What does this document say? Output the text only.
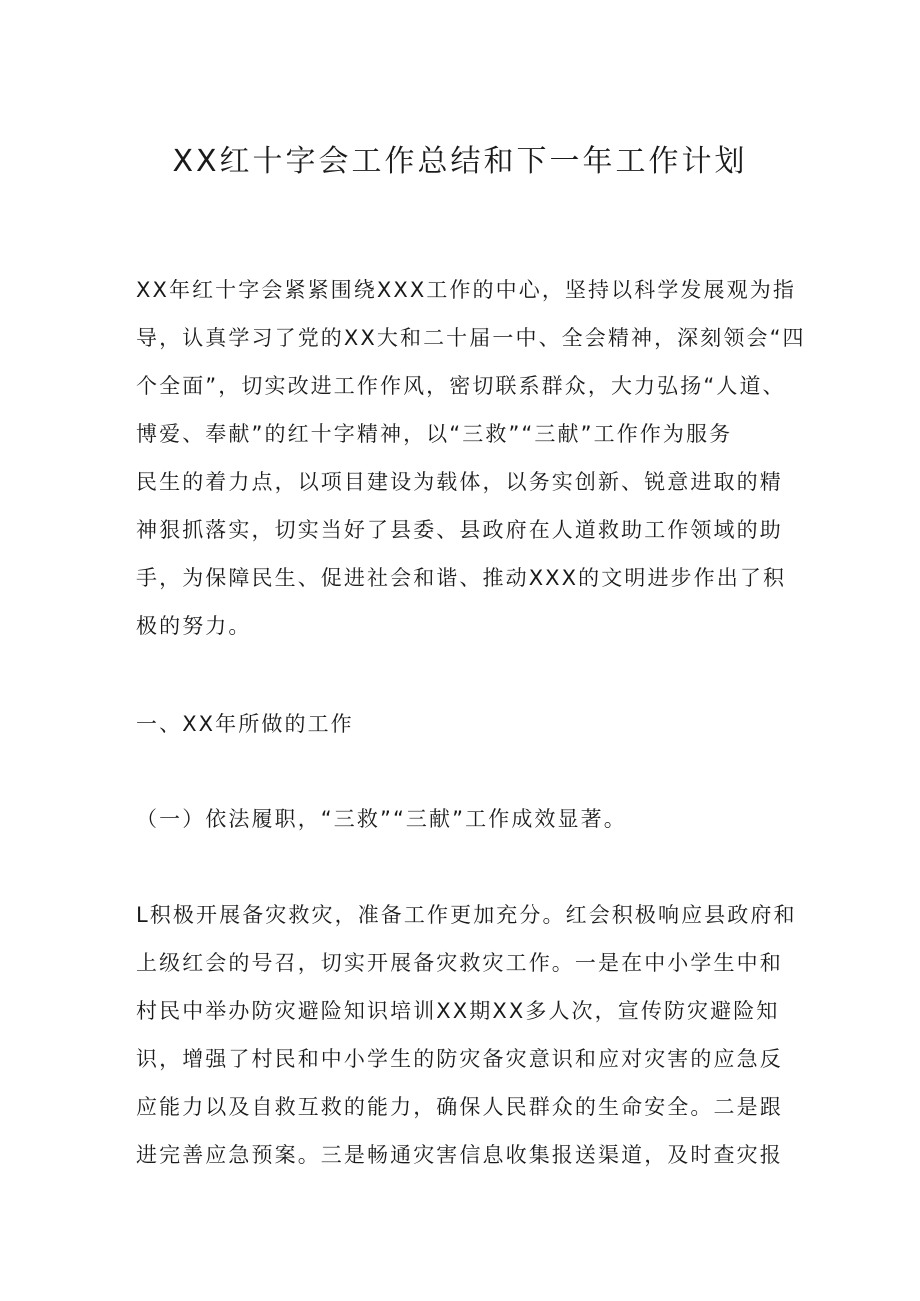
XX红十字会工作总结和下一年工作计划
XX年红十字会紧紧围绕XXX工作的中心，坚持以科学发展观为指
导，认真学习了党的XX大和二十届一中、全会精神，深刻领会“四
个全面”，切实改进工作作风，密切联系群众，大力弘扬“人道、
博爱、奉献”的红十字精神，以“三救”“三献”工作作为服务
民生的着力点，以项目建设为载体，以务实创新、锐意进取的精
神狠抓落实，切实当好了县委、县政府在人道救助工作领域的助
手，为保障民生、促进社会和谐、推动XXX的文明进步作出了积
极的努力。
一、XX年所做的工作
（一）依法履职，“三救”“三献”工作成效显著。
L积极开展备灾救灾，准备工作更加充分。红会积极响应县政府和
上级红会的号召，切实开展备灾救灾工作。一是在中小学生中和
村民中举办防灾避险知识培训XX期XX多人次，宣传防灾避险知
识，增强了村民和中小学生的防灾备灾意识和应对灾害的应急反
应能力以及自救互救的能力，确保人民群众的生命安全。二是跟
进完善应急预案。三是畅通灾害信息收集报送渠道，及时查灾报
